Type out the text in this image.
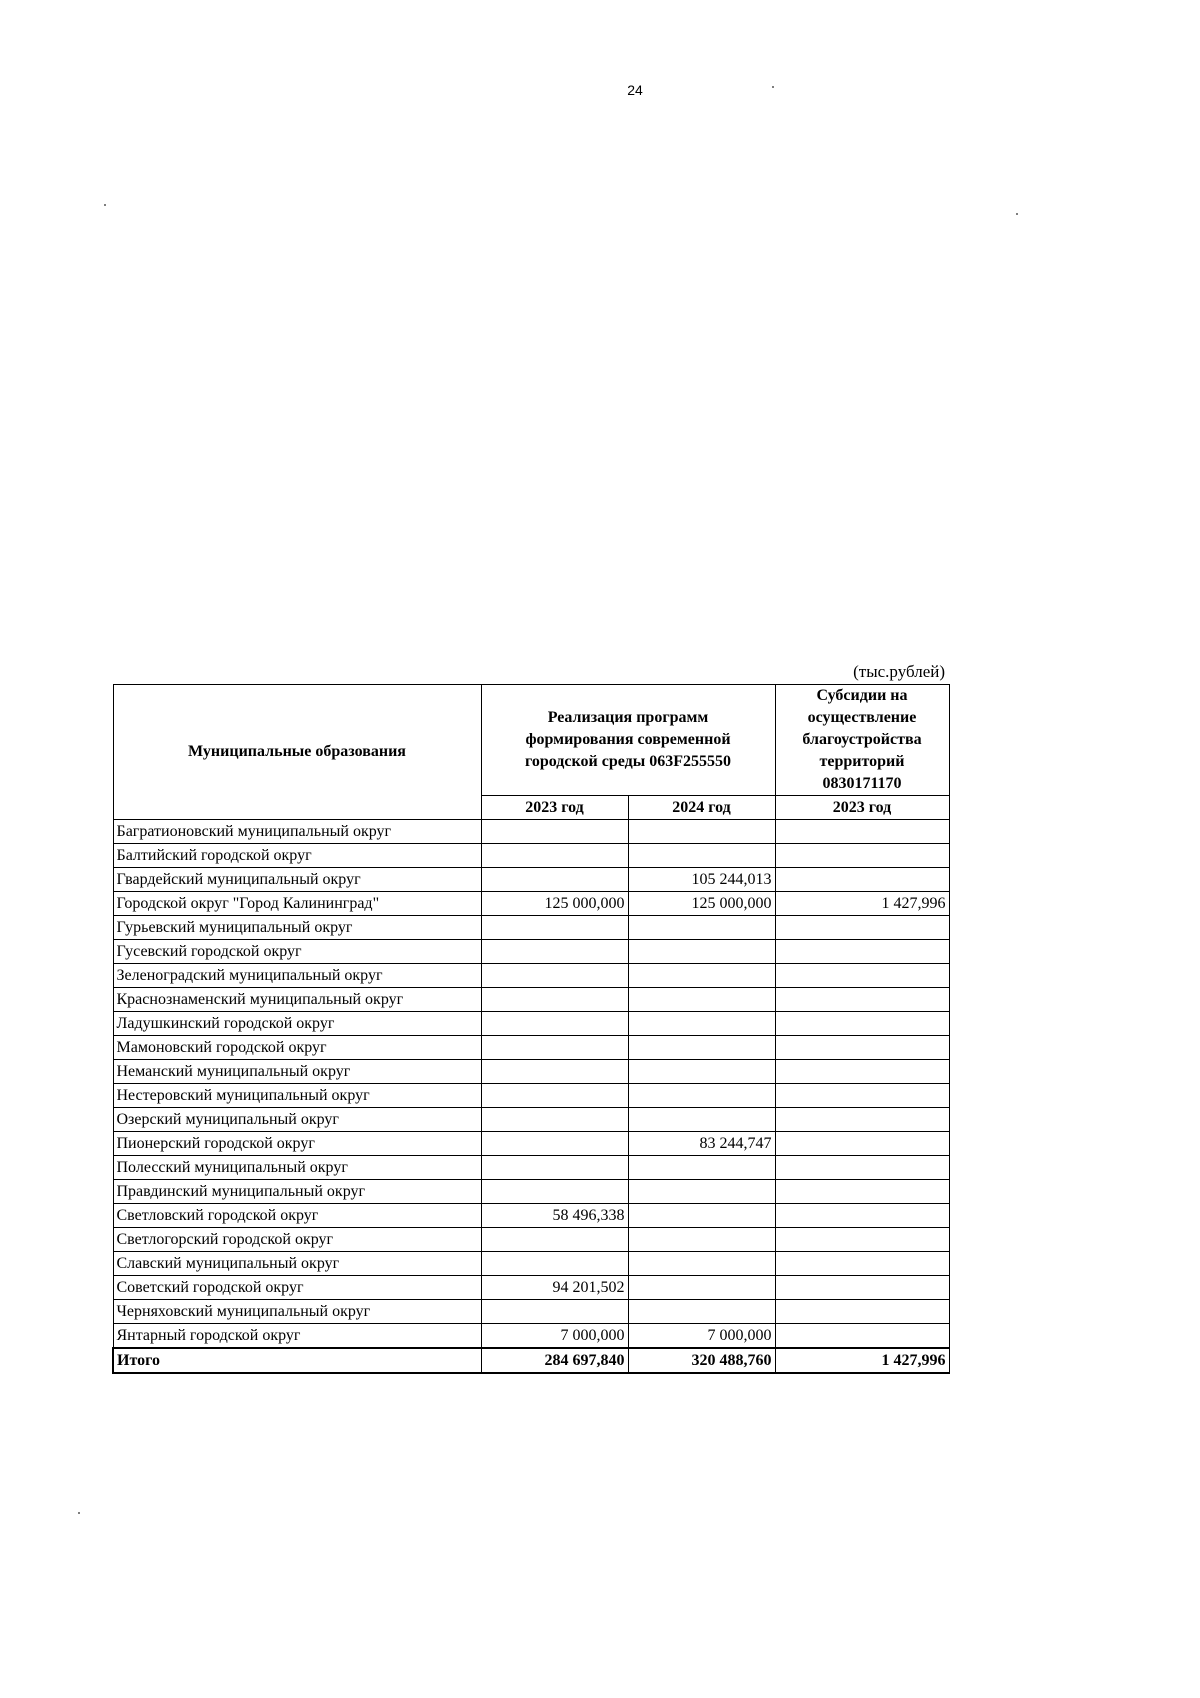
24
(тыс.рублей)
Муниципальные образования	Реализация программ формирования современной городской среды 063F255550		Субсидии на осуществление благоустройства территорий 0830171170
	2023 год	2024 год	2023 год
Багратионовский муниципальный округ			
Балтийский городской округ			
Гвардейский муниципальный округ		105 244,013	
Городской округ "Город Калининград"	125 000,000	125 000,000	1 427,996
Гурьевский муниципальный округ			
Гусевский городской округ			
Зеленоградский муниципальный округ			
Краснознаменский муниципальный округ			
Ладушкинский городской округ			
Мамоновский городской округ			
Неманский муниципальный округ			
Нестеровский муниципальный округ			
Озерский муниципальный округ			
Пионерский городской округ		83 244,747	
Полесский муниципальный округ			
Правдинский муниципальный округ			
Светловский городской округ	58 496,338		
Светлогорский городской округ			
Славский муниципальный округ			
Советский городской округ	94 201,502		
Черняховский муниципальный округ			
Янтарный городской округ	7 000,000	7 000,000	
Итого	284 697,840	320 488,760	1 427,996
